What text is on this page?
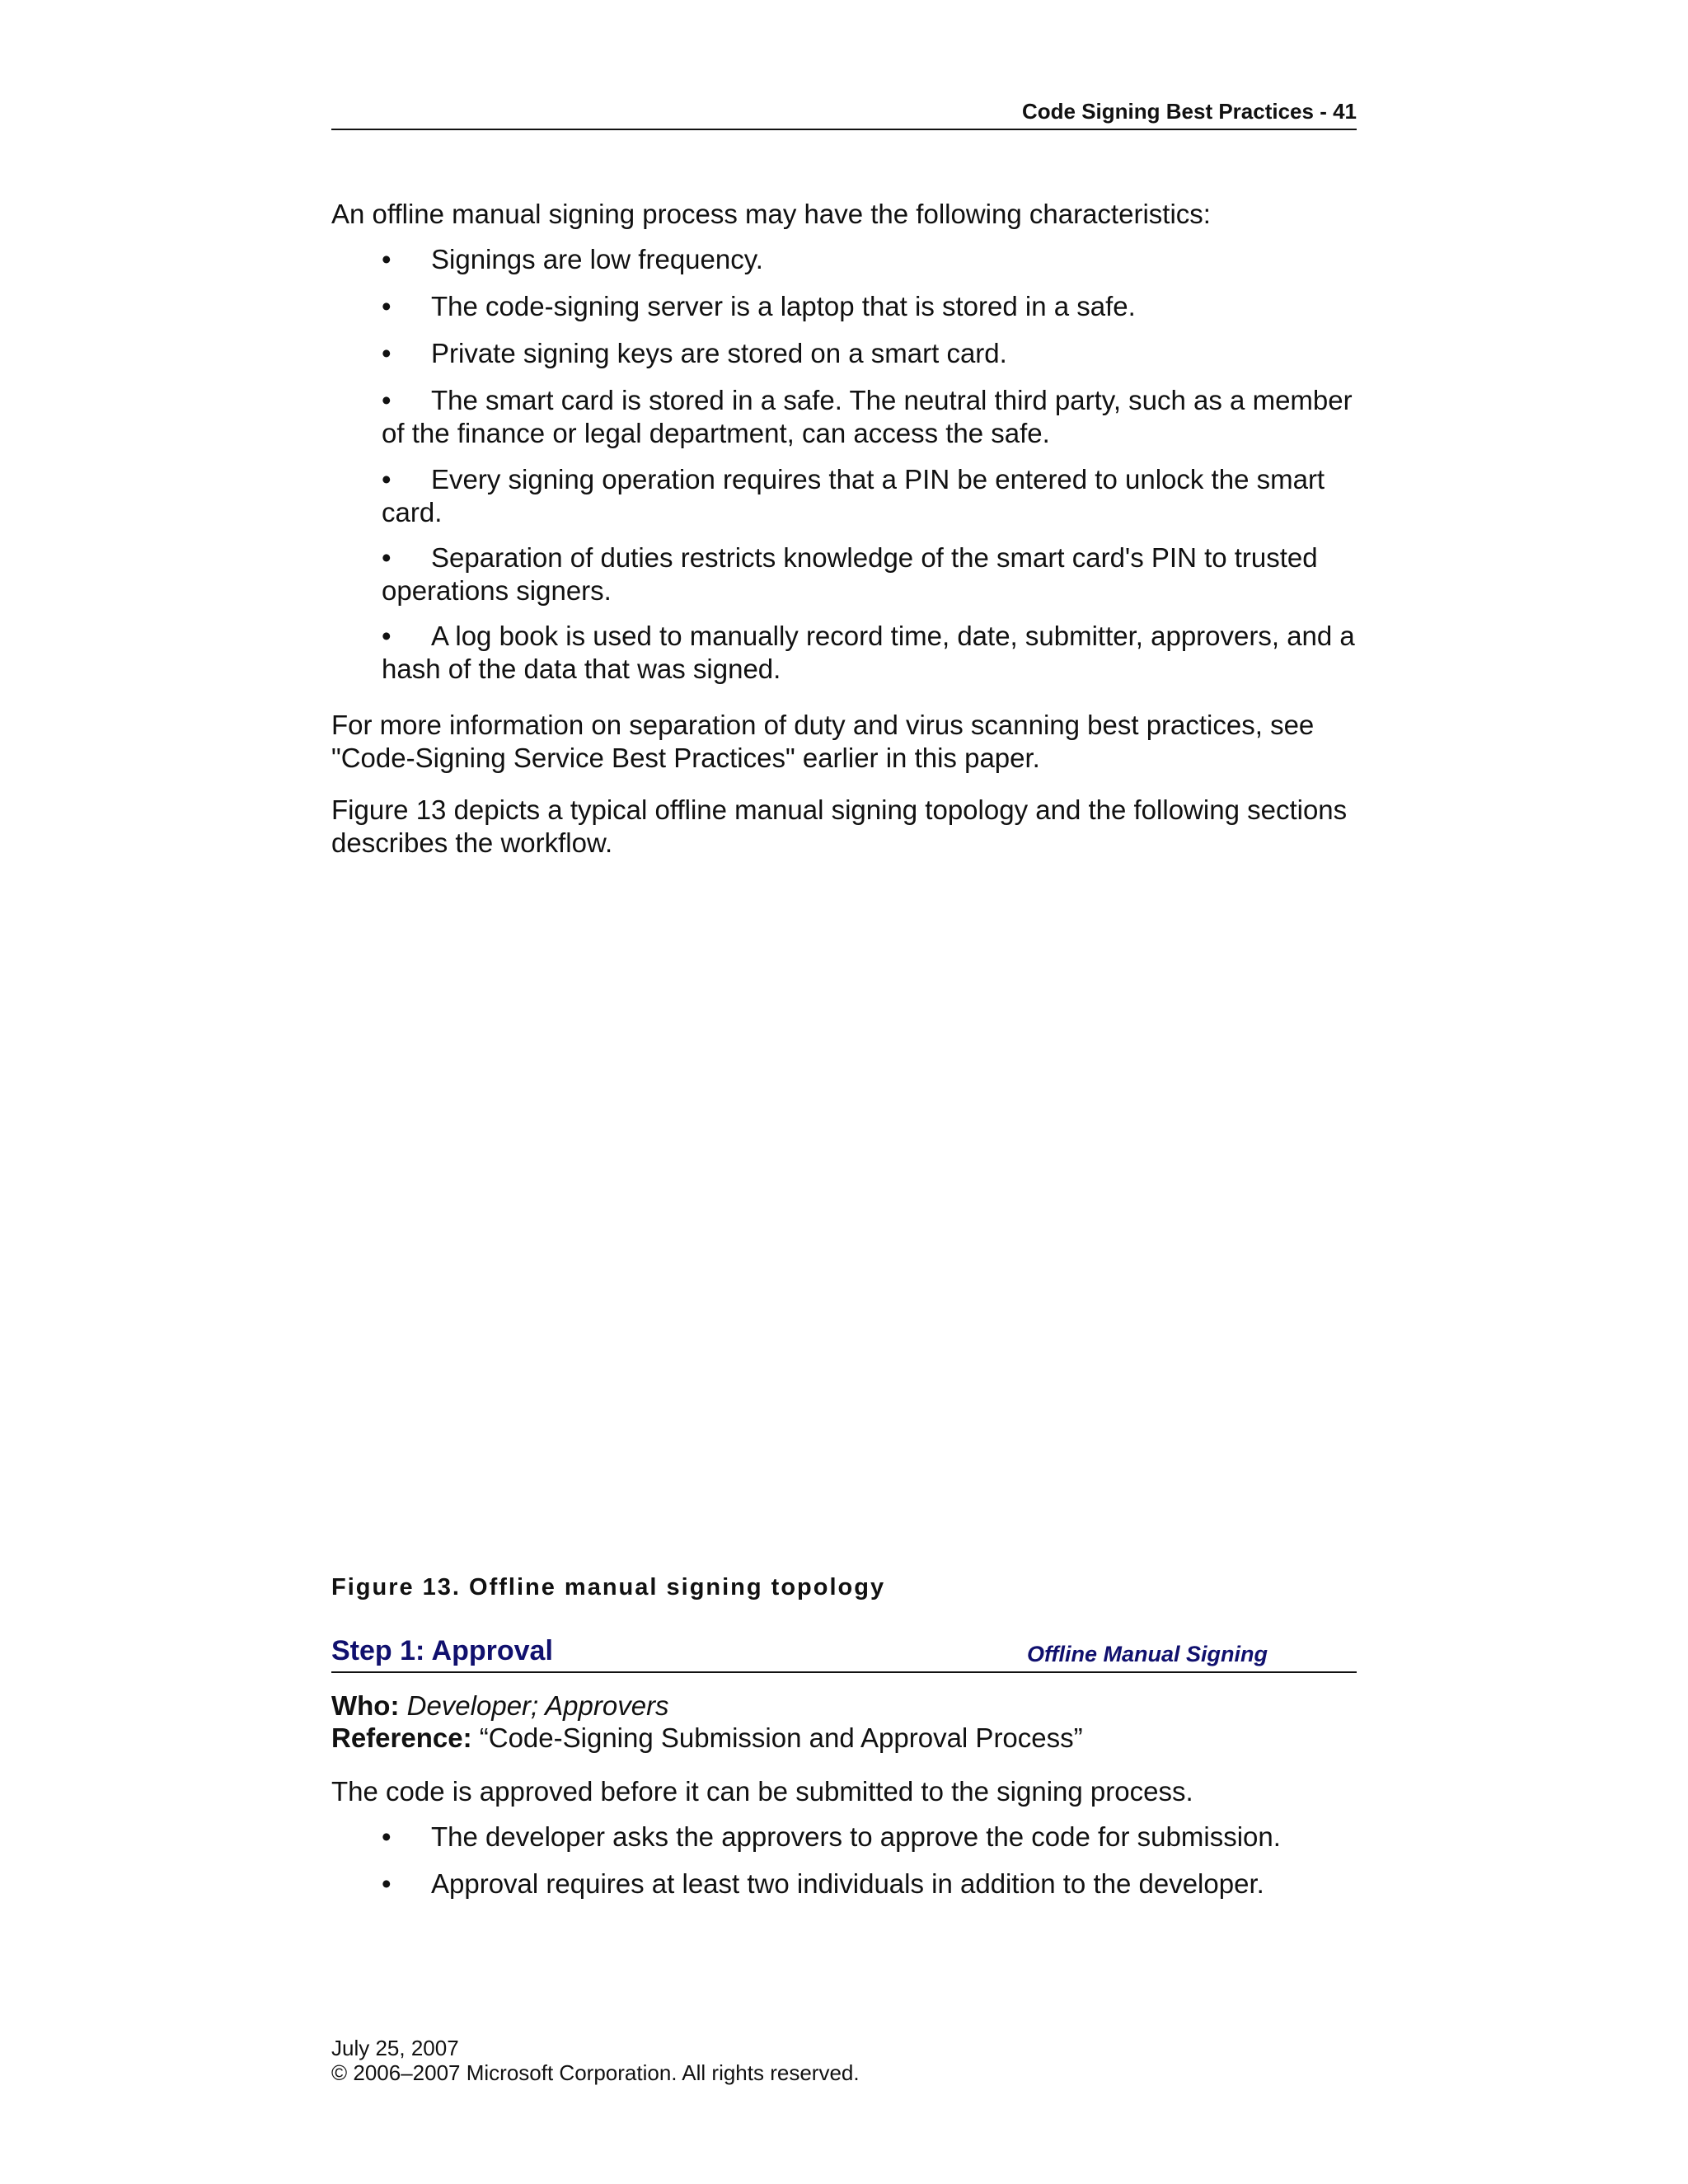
Code Signing Best Practices - 41
An offline manual signing process may have the following characteristics:
• Signings are low frequency.
• The code-signing server is a laptop that is stored in a safe.
• Private signing keys are stored on a smart card.
• The smart card is stored in a safe. The neutral third party, such as a member of the finance or legal department, can access the safe.
• Every signing operation requires that a PIN be entered to unlock the smart card.
• Separation of duties restricts knowledge of the smart card's PIN to trusted operations signers.
• A log book is used to manually record time, date, submitter, approvers, and a hash of the data that was signed.
For more information on separation of duty and virus scanning best practices, see "Code-Signing Service Best Practices" earlier in this paper.
Figure 13 depicts a typical offline manual signing topology and the following sections describes the workflow.
Figure 13. Offline manual signing topology
Step 1: Approval	Offline Manual Signing
Who: Developer; Approvers
Reference: “Code-Signing Submission and Approval Process”
The code is approved before it can be submitted to the signing process.
• The developer asks the approvers to approve the code for submission.
• Approval requires at least two individuals in addition to the developer.
July 25, 2007
© 2006–2007 Microsoft Corporation. All rights reserved.
